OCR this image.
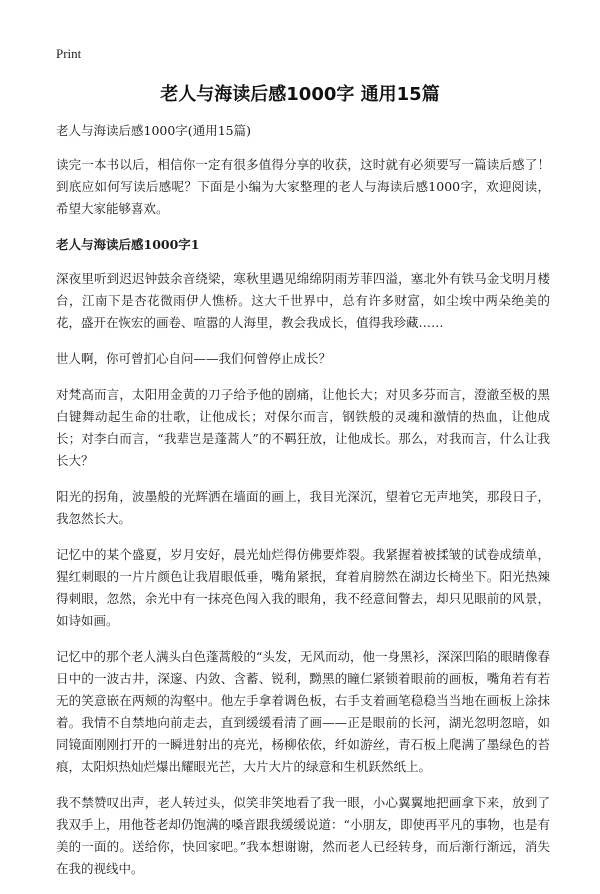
Print
老人与海读后感1000字 通用15篇

老人与海读后感1000字(通用15篇)

读完一本书以后，相信你一定有很多值得分享的收获，这时就有必须要写一篇读后感了！到底应如何写读后感呢？下面是小编为大家整理的老人与海读后感1000字，欢迎阅读，希望大家能够喜欢。

老人与海读后感1000字1

深夜里听到迟迟钟鼓余音绕梁，寒秋里遇见绵绵阴雨芳菲四溢，塞北外有铁马金戈明月楼台，江南下是杏花微雨伊人憔桥。这大千世界中，总有许多财富，如尘埃中两朵绝美的花，盛开在恢宏的画卷、喧嚣的人海里，教会我成长，值得我珍藏……

世人啊，你可曾扪心自问——我们何曾停止成长？

对梵高而言，太阳用金黄的刀子给予他的剧痛，让他长大；对贝多芬而言，澄澈至极的黑白键舞动起生命的壮歌，让他成长；对保尔而言，钢铁般的灵魂和激情的热血，让他成长；对李白而言，“我辈岂是蓬蒿人”的不羁狂放，让他成长。那么，对我而言，什么让我长大？

阳光的拐角，波墨般的光辉洒在墙面的画上，我目光深沉，望着它无声地笑，那段日子，我忽然长大。

记忆中的某个盛夏，岁月安好，晨光灿烂得仿佛要炸裂。我紧握着被揉皱的试卷成绩单，猩红刺眼的一片片颜色让我眉眼低垂，嘴角紧抿，耷着肩膀然在湖边长椅坐下。阳光热辣得刺眼，忽然，余光中有一抹亮色闯入我的眼角，我不经意间瞥去，却只见眼前的风景，如诗如画。

记忆中的那个老人满头白色蓬蒿般的“头发，无风而动，他一身黑衫，深深凹陷的眼睛像春日中的一波古井，深邃、内敛、含蓄、锐利，黝黑的瞳仁紧锁着眼前的画板，嘴角若有若无的笑意嵌在两颊的沟壑中。他左手拿着调色板，右手支着画笔稳稳当当地在画板上涂抹着。我情不自禁地向前走去，直到缓缓看清了画——正是眼前的长河，湖光忽明忽暗，如同镜面刚刚打开的一瞬进射出的亮光，杨柳依依，纤如游丝，青石板上爬满了墨绿色的苔痕，太阳炽热灿烂爆出耀眼光芒，大片大片的绿意和生机跃然纸上。

我不禁赞叹出声，老人转过头，似笑非笑地看了我一眼，小心翼翼地把画拿下来，放到了我双手上，用他苍老却仍饱满的嗓音跟我缓缓说道：“小朋友，即使再平凡的事物，也是有美的一面的。送给你，快回家吧。”我本想谢谢，然而老人已经转身，而后渐行渐远，消失在我的视线中。
